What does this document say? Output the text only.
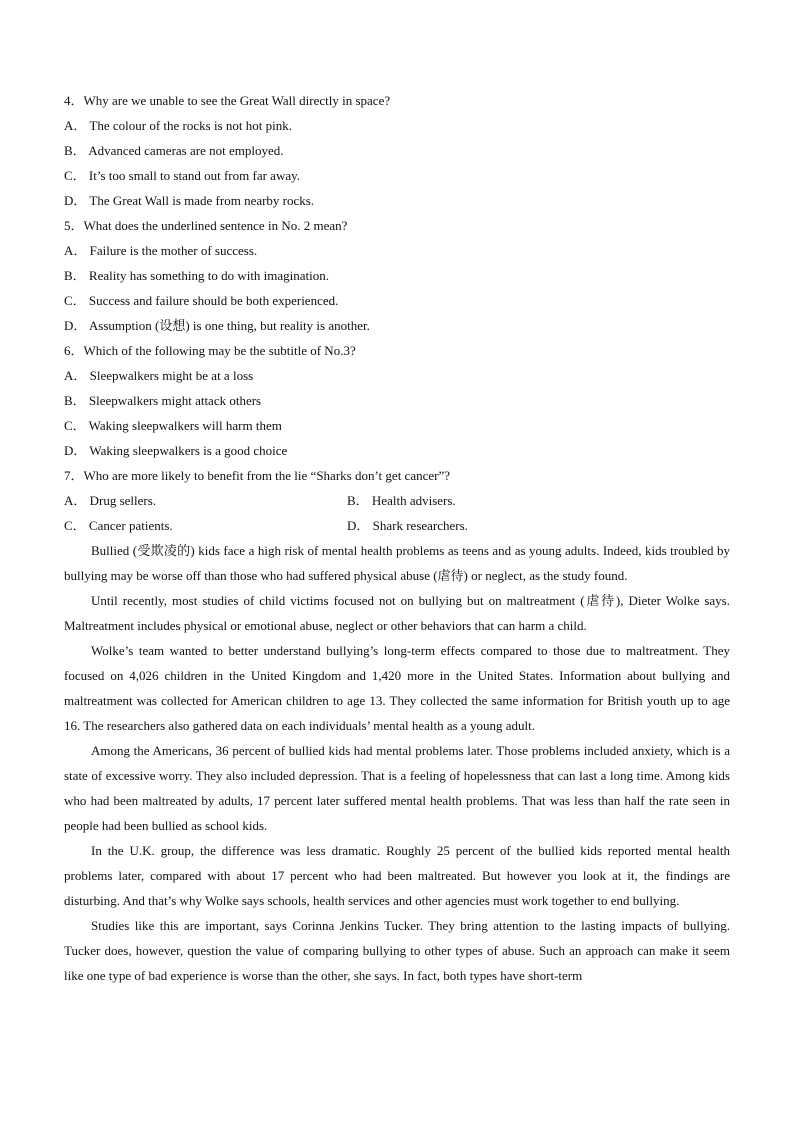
4．Why are we unable to see the Great Wall directly in space?
A． The colour of the rocks is not hot pink.
B． Advanced cameras are not employed.
C． It’s too small to stand out from far away.
D． The Great Wall is made from nearby rocks.
5．What does the underlined sentence in No. 2 mean?
A． Failure is the mother of success.
B． Reality has something to do with imagination.
C． Success and failure should be both experienced.
D． Assumption (设想) is one thing, but reality is another.
6．Which of the following may be the subtitle of No.3?
A． Sleepwalkers might be at a loss
B． Sleepwalkers might attack others
C． Waking sleepwalkers will harm them
D． Waking sleepwalkers is a good choice
7．Who are more likely to benefit from the lie “Sharks don’t get cancer”?
A． Drug sellers.	B． Health advisers.
C． Cancer patients.	D． Shark researchers.

Bullied (受欺凌的) kids face a high risk of mental health problems as teens and as young adults. Indeed, kids troubled by bullying may be worse off than those who had suffered physical abuse (虐待) or neglect, as the study found.

Until recently, most studies of child victims focused not on bullying but on maltreatment (虐待), Dieter Wolke says. Maltreatment includes physical or emotional abuse, neglect or other behaviors that can harm a child.

Wolke’s team wanted to better understand bullying’s long-term effects compared to those due to maltreatment. They focused on 4,026 children in the United Kingdom and 1,420 more in the United States. Information about bullying and maltreatment was collected for American children to age 13. They collected the same information for British youth up to age 16. The researchers also gathered data on each individuals’ mental health as a young adult.

Among the Americans, 36 percent of bullied kids had mental problems later. Those problems included anxiety, which is a state of excessive worry. They also included depression. That is a feeling of hopelessness that can last a long time. Among kids who had been maltreated by adults, 17 percent later suffered mental health problems. That was less than half the rate seen in people had been bullied as school kids.

In the U.K. group, the difference was less dramatic. Roughly 25 percent of the bullied kids reported mental health problems later, compared with about 17 percent who had been maltreated. But however you look at it, the findings are disturbing. And that’s why Wolke says schools, health services and other agencies must work together to end bullying.

Studies like this are important, says Corinna Jenkins Tucker. They bring attention to the lasting impacts of bullying. Tucker does, however, question the value of comparing bullying to other types of abuse. Such an approach can make it seem like one type of bad experience is worse than the other, she says. In fact, both types have short-term
